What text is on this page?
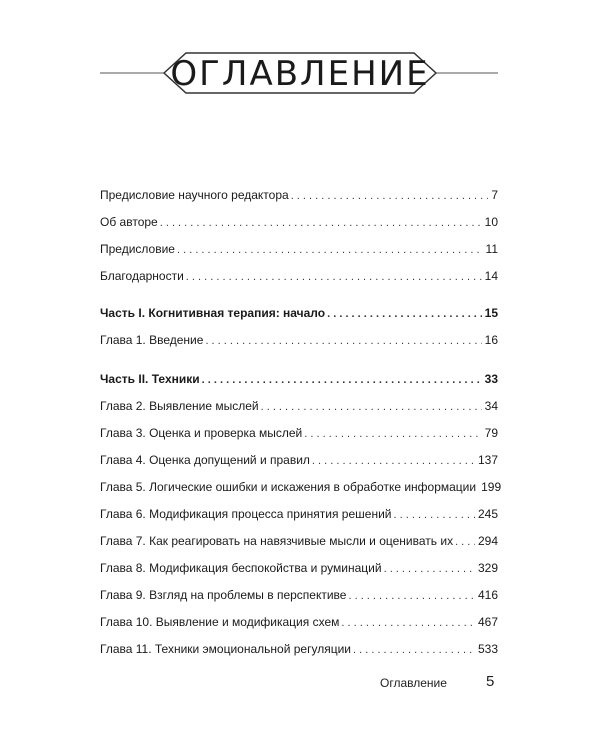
ОГЛАВЛЕНИЕ
Предисловие научного редактора . . .	7
Об авторе . . .	10
Предисловие . . .	11
Благодарности . . .	14
Часть I. Когнитивная терапия: начало . . .	15
Глава 1. Введение . . .	16
Часть II. Техники . . .	33
Глава 2. Выявление мыслей . . .	34
Глава 3. Оценка и проверка мыслей . . .	79
Глава 4. Оценка допущений и правил . . .	137
Глава 5. Логические ошибки и искажения в обработке информации 199
Глава 6. Модификация процесса принятия решений . . .	245
Глава 7. Как реагировать на навязчивые мысли и оценивать их . . . 294
Глава 8. Модификация беспокойства и руминаций . . .	329
Глава 9. Взгляд на проблемы в перспективе . . .	416
Глава 10. Выявление и модификация схем . . .	467
Глава 11. Техники эмоциональной регуляции . . .	533
Оглавление	5
